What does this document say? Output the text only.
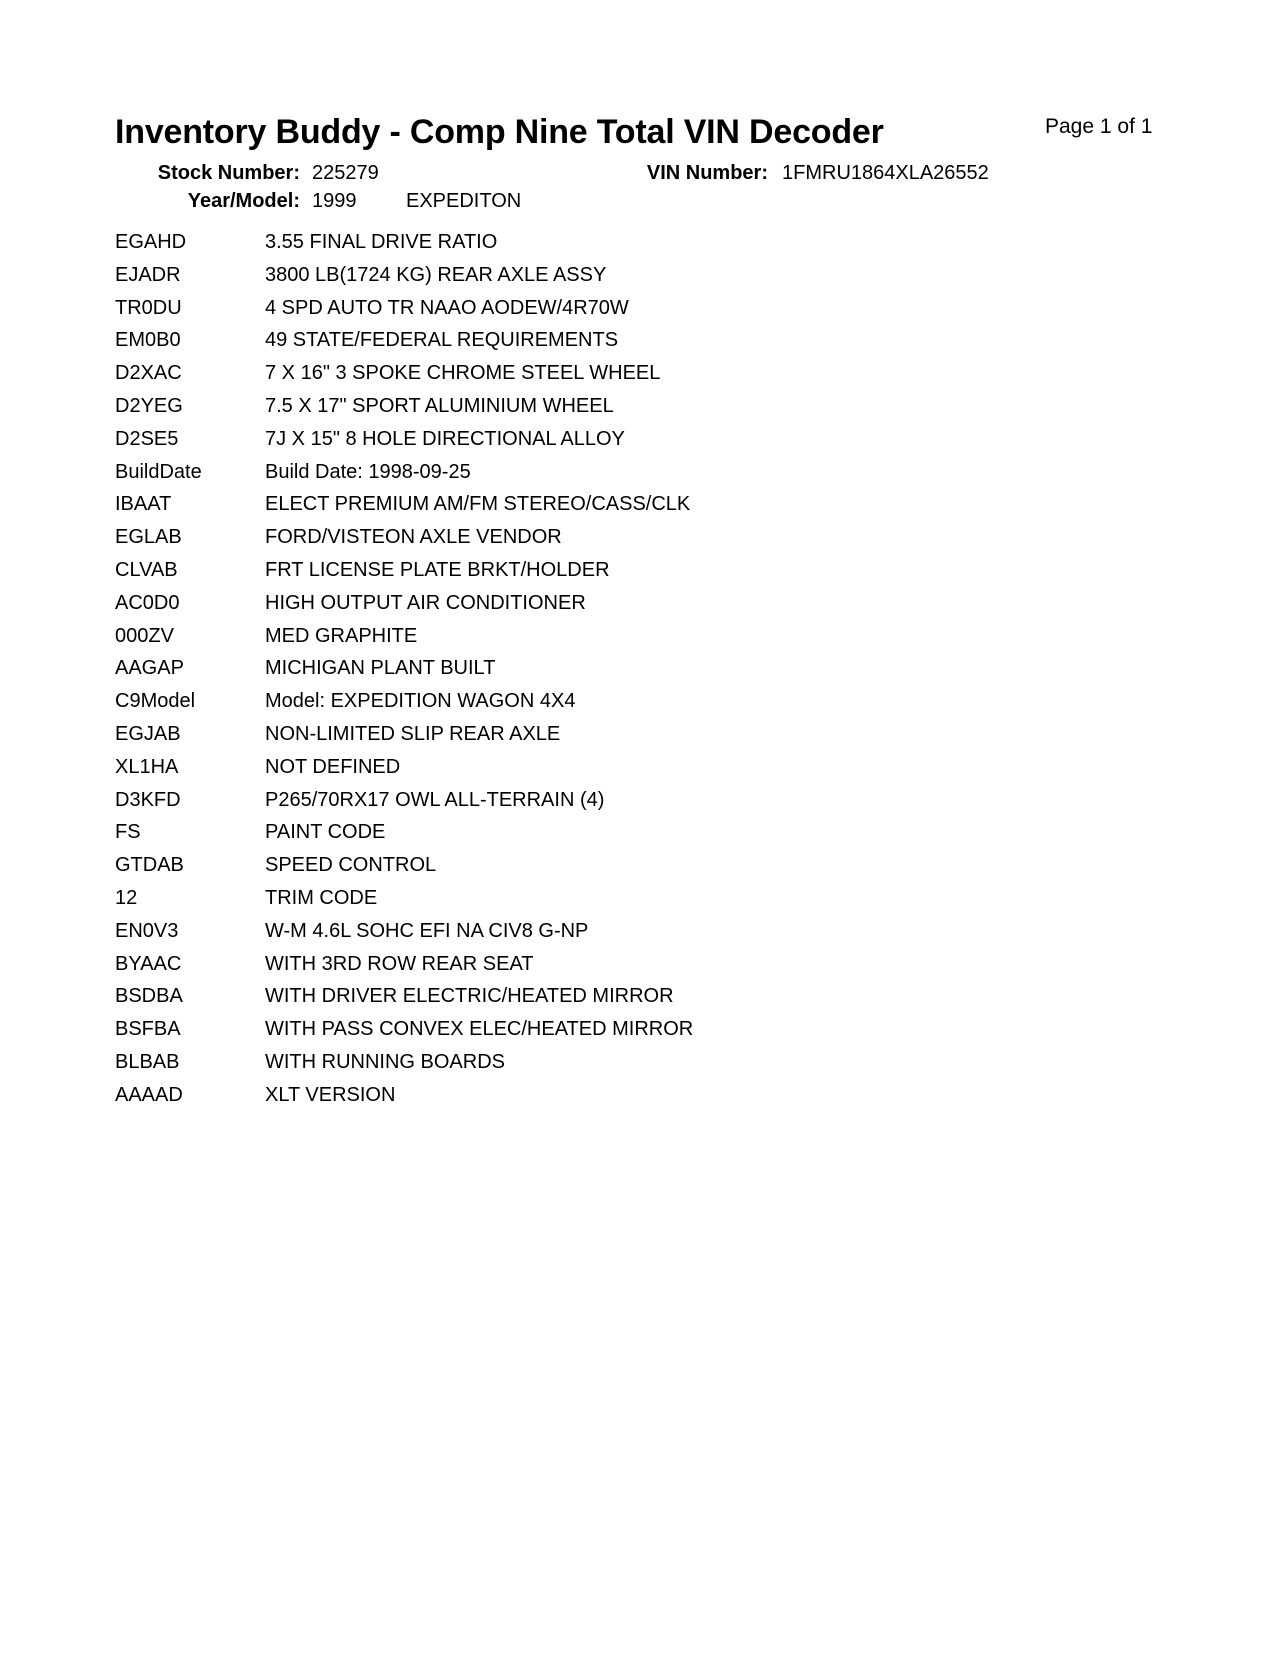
Inventory Buddy - Comp Nine Total VIN Decoder	Page 1 of 1
Stock Number: 225279	VIN Number: 1FMRU1864XLA26552
Year/Model: 1999 EXPEDITON
EGAHD	3.55 FINAL DRIVE RATIO
EJADR	3800 LB(1724 KG) REAR AXLE ASSY
TR0DU	4 SPD AUTO TR NAAO AODEW/4R70W
EM0B0	49 STATE/FEDERAL REQUIREMENTS
D2XAC	7 X 16" 3 SPOKE CHROME STEEL WHEEL
D2YEG	7.5 X 17" SPORT ALUMINIUM WHEEL
D2SE5	7J X 15" 8 HOLE DIRECTIONAL ALLOY
BuildDate	Build Date: 1998-09-25
IBAAT	ELECT PREMIUM AM/FM STEREO/CASS/CLK
EGLAB	FORD/VISTEON AXLE VENDOR
CLVAB	FRT LICENSE PLATE BRKT/HOLDER
AC0D0	HIGH OUTPUT AIR CONDITIONER
000ZV	MED GRAPHITE
AAGAP	MICHIGAN PLANT BUILT
C9Model	Model: EXPEDITION WAGON 4X4
EGJAB	NON-LIMITED SLIP REAR AXLE
XL1HA	NOT DEFINED
D3KFD	P265/70RX17 OWL ALL-TERRAIN (4)
FS	PAINT CODE
GTDAB	SPEED CONTROL
12	TRIM CODE
EN0V3	W-M 4.6L SOHC EFI NA CIV8 G-NP
BYAAC	WITH 3RD ROW REAR SEAT
BSDBA	WITH DRIVER ELECTRIC/HEATED MIRROR
BSFBA	WITH PASS CONVEX ELEC/HEATED MIRROR
BLBAB	WITH RUNNING BOARDS
AAAAD	XLT VERSION
